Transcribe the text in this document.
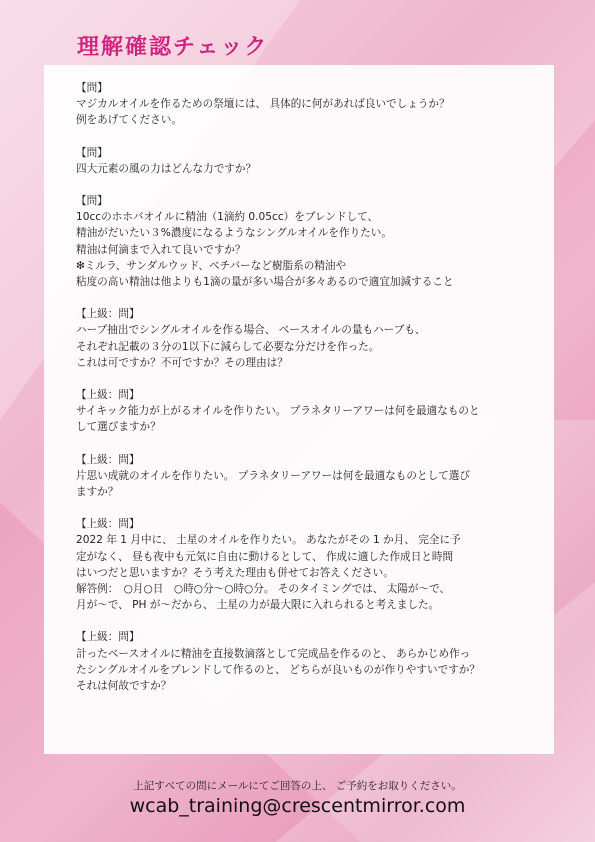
理解確認チェック

【問】

マジカルオイルを作るための祭壇には、 具体的に何があれば良いでしょうか？

例をあげてください。

【問】

四大元素の風の力はどんな力ですか？

【問】

10ccのホホバオイルに精油（1滴約 0.05cc）をブレンドして、

精油がだいたい３%濃度になるようなシングルオイルを作りたい。

精油は何滴まで入れて良いですか？

❇︎ミルラ、サンダルウッド、ベチバーなど樹脂系の精油や

粘度の高い精油は他よりも1滴の量が多い場合が多々あるので適宜加減すること

【上級：問】

ハーブ抽出でシングルオイルを作る場合、 ベースオイルの量もハーブも、

それぞれ記載の３分の1以下に減らして必要な分だけを作った。

これは可ですか？不可ですか？その理由は？

【上級：問】

サイキック能力が上がるオイルを作りたい。 プラネタリーアワーは何を最適なものと

して選びますか？

【上級：問】

片思い成就のオイルを作りたい。 プラネタリーアワーは何を最適なものとして選び

ますか？

【上級：問】

2022 年 1 月中に、 土星のオイルを作りたい。 あなたがその 1 か月、 完全に予

定がなく、 昼も夜中も元気に自由に動けるとして、 作成に適した作成日と時間

はいつだと思いますか？そう考えた理由も併せてお答えください。

解答例：　○月○日　○時○分～○時○分。 そのタイミングでは、 太陽が～で、

月が～で、 PH が～だから、 土星の力が最大限に入れられると考えました。

【上級：問】

計ったベースオイルに精油を直接数滴落として完成品を作るのと、 あらかじめ作っ

たシングルオイルをブレンドして作るのと、 どちらが良いものが作りやすいですか？

それは何故ですか？

上記すべての問にメールにてご回答の上、 ご予約をお取りください。
wcab_training@crescentmirror.com
